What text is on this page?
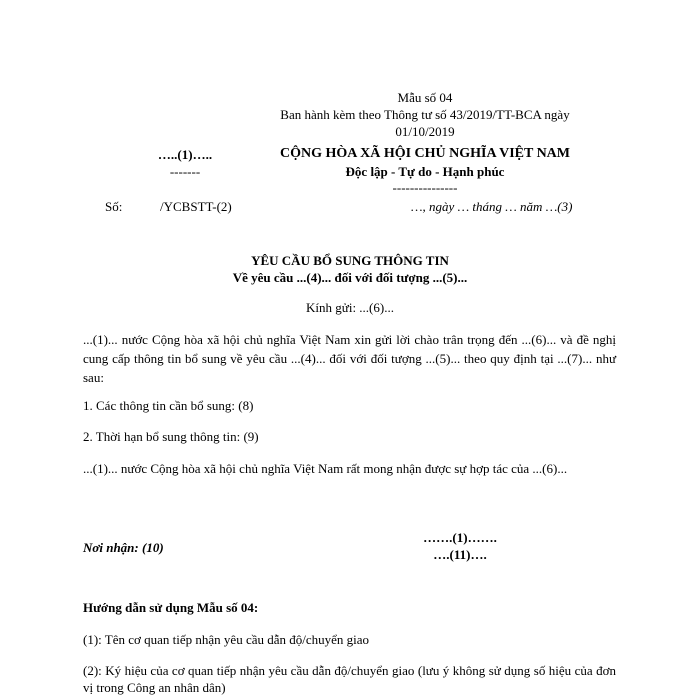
Mẫu số 04
Ban hành kèm theo Thông tư số 43/2019/TT-BCA ngày
01/10/2019
…..(1)…..
-------
CỘNG HÒA XÃ HỘI CHỦ NGHĨA VIỆT NAM
Độc lập - Tự do - Hạnh phúc
---------------
Số:	/YCBSTT-(2)	…, ngày … tháng … năm …(3)
YÊU CẦU BỔ SUNG THÔNG TIN
Về yêu cầu ...(4)... đối với đối tượng ...(5)...
Kính gửi: ...(6)...
...(1)... nước Cộng hòa xã hội chủ nghĩa Việt Nam xin gửi lời chào trân trọng đến ...(6)... và đề nghị cung cấp thông tin bổ sung về yêu cầu ...(4)... đối với đối tượng ...(5)... theo quy định tại ...(7)... như sau:
1. Các thông tin cần bổ sung: (8)
2. Thời hạn bổ sung thông tin: (9)
...(1)... nước Cộng hòa xã hội chủ nghĩa Việt Nam rất mong nhận được sự hợp tác của ...(6)...
Nơi nhận: (10)
…….(1)…….
….(11)….
Hướng dẫn sử dụng Mẫu số 04:
(1): Tên cơ quan tiếp nhận yêu cầu dẫn độ/chuyển giao
(2): Ký hiệu của cơ quan tiếp nhận yêu cầu dẫn độ/chuyển giao (lưu ý không sử dụng số hiệu của đơn vị trong Công an nhân dân)
